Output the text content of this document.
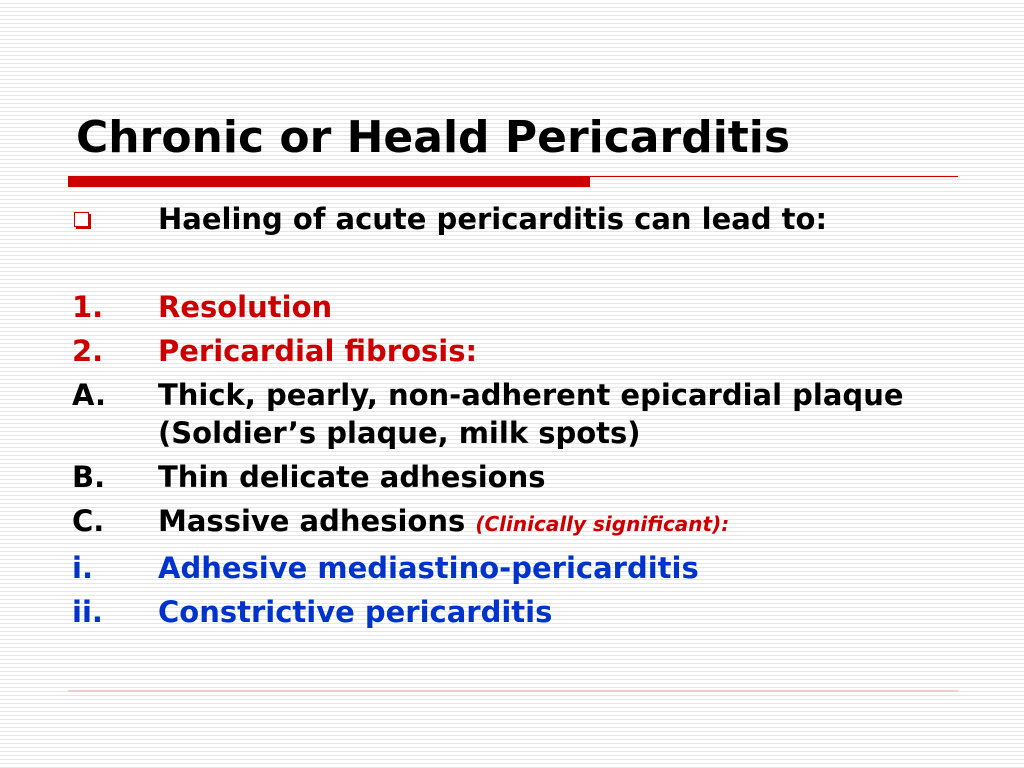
Chronic or Heald Pericarditis
Haeling of acute pericarditis can lead to:
1.	Resolution
2.	Pericardial fibrosis:
A.	Thick, pearly, non-adherent epicardial plaque (Soldier’s plaque, milk spots)
B.	Thin delicate adhesions
C.	Massive adhesions (Clinically significant):
i.	Adhesive mediastino-pericarditis
ii.	Constrictive pericarditis
